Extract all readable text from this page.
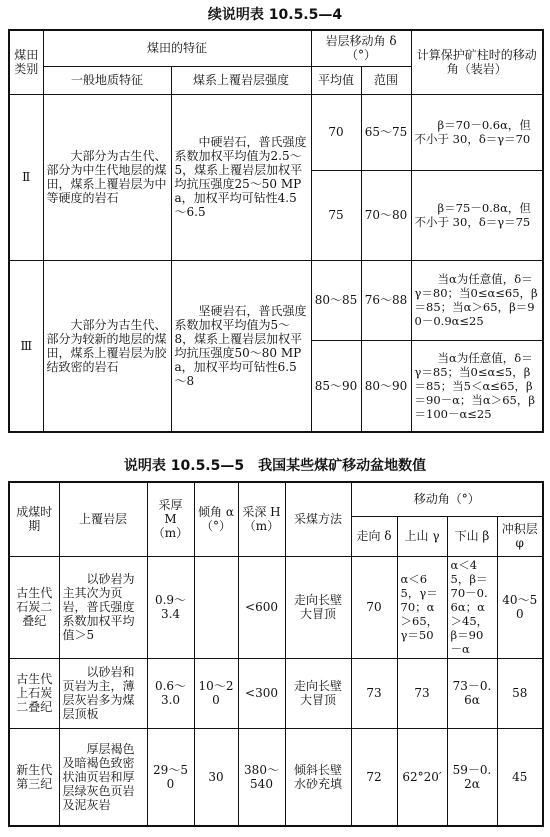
续说明表 10.5.5—4
煤田类别	煤田的特征		岩层移动角 δ（°）		计算保护矿柱时的移动角（装岩）
	一般地质特征	煤系上覆岩层强度	平均值	范围	
Ⅱ	大部分为古生代、部分为中生代地层的煤田，煤系上覆岩层为中等硬度的岩石	中硬岩石，普氏强度系数加权平均值为2.5～5，煤系上覆岩层加权平均抗压强度25～50 MPa，加权平均可钻性4.5～6.5	70	65～75	β＝70－0.6α，但不小于 30，δ＝γ＝70
			75	70～80	β＝75－0.8α，但不小于 30，δ＝γ＝75
Ⅲ	大部分为古生代、部分为较新的地层的煤田，煤系上覆岩层为胶结致密的岩石	坚硬岩石，普氏强度系数加权平均值为5～8，煤系上覆岩层加权平均抗压强度50～80 MPa，加权平均可钻性6.5～8	80～85	76～88	当α为任意值，δ＝γ＝80；当0≤α≤65，β＝85；当α＞65，β＝90－0.9α≤25
			85～90	80～90	当α为任意值，δ＝γ＝85；当0≤α≤5，β＝85；当5＜α≤65，β＝90－α；当α＞65，β＝100－α≤25
说明表 10.5.5—5　我国某些煤矿移动盆地数值
成煤时期	上覆岩层	采厚 M（m）	倾角 α（°）	采深 H（m）	采煤方法	移动角（°）			
						走向 δ	上山 γ	下山 β	冲积层 φ
古生代石炭二叠纪	以砂岩为主其次为页岩，普氏强度系数加权平均值＞5	0.9～3.4		<600	走向长壁大冒顶	70	α＜65，γ＝70；α＞65，γ＝50	α＜45，β＝70－0.6α；α＞45，β＝90－α	40～50
古生代上石炭二叠纪	以砂岩和页岩为主，薄层灰岩多为煤层顶板	0.6～3.0	10～20	<300	走向长壁大冒顶	73	73	73－0.6α	58
新生代第三纪	厚层褐色及暗褐色致密状油页岩和厚层绿灰色页岩及泥灰岩	29～50	30	380～540	倾斜长壁水砂充填	72	62°20′	59－0.2α	45
